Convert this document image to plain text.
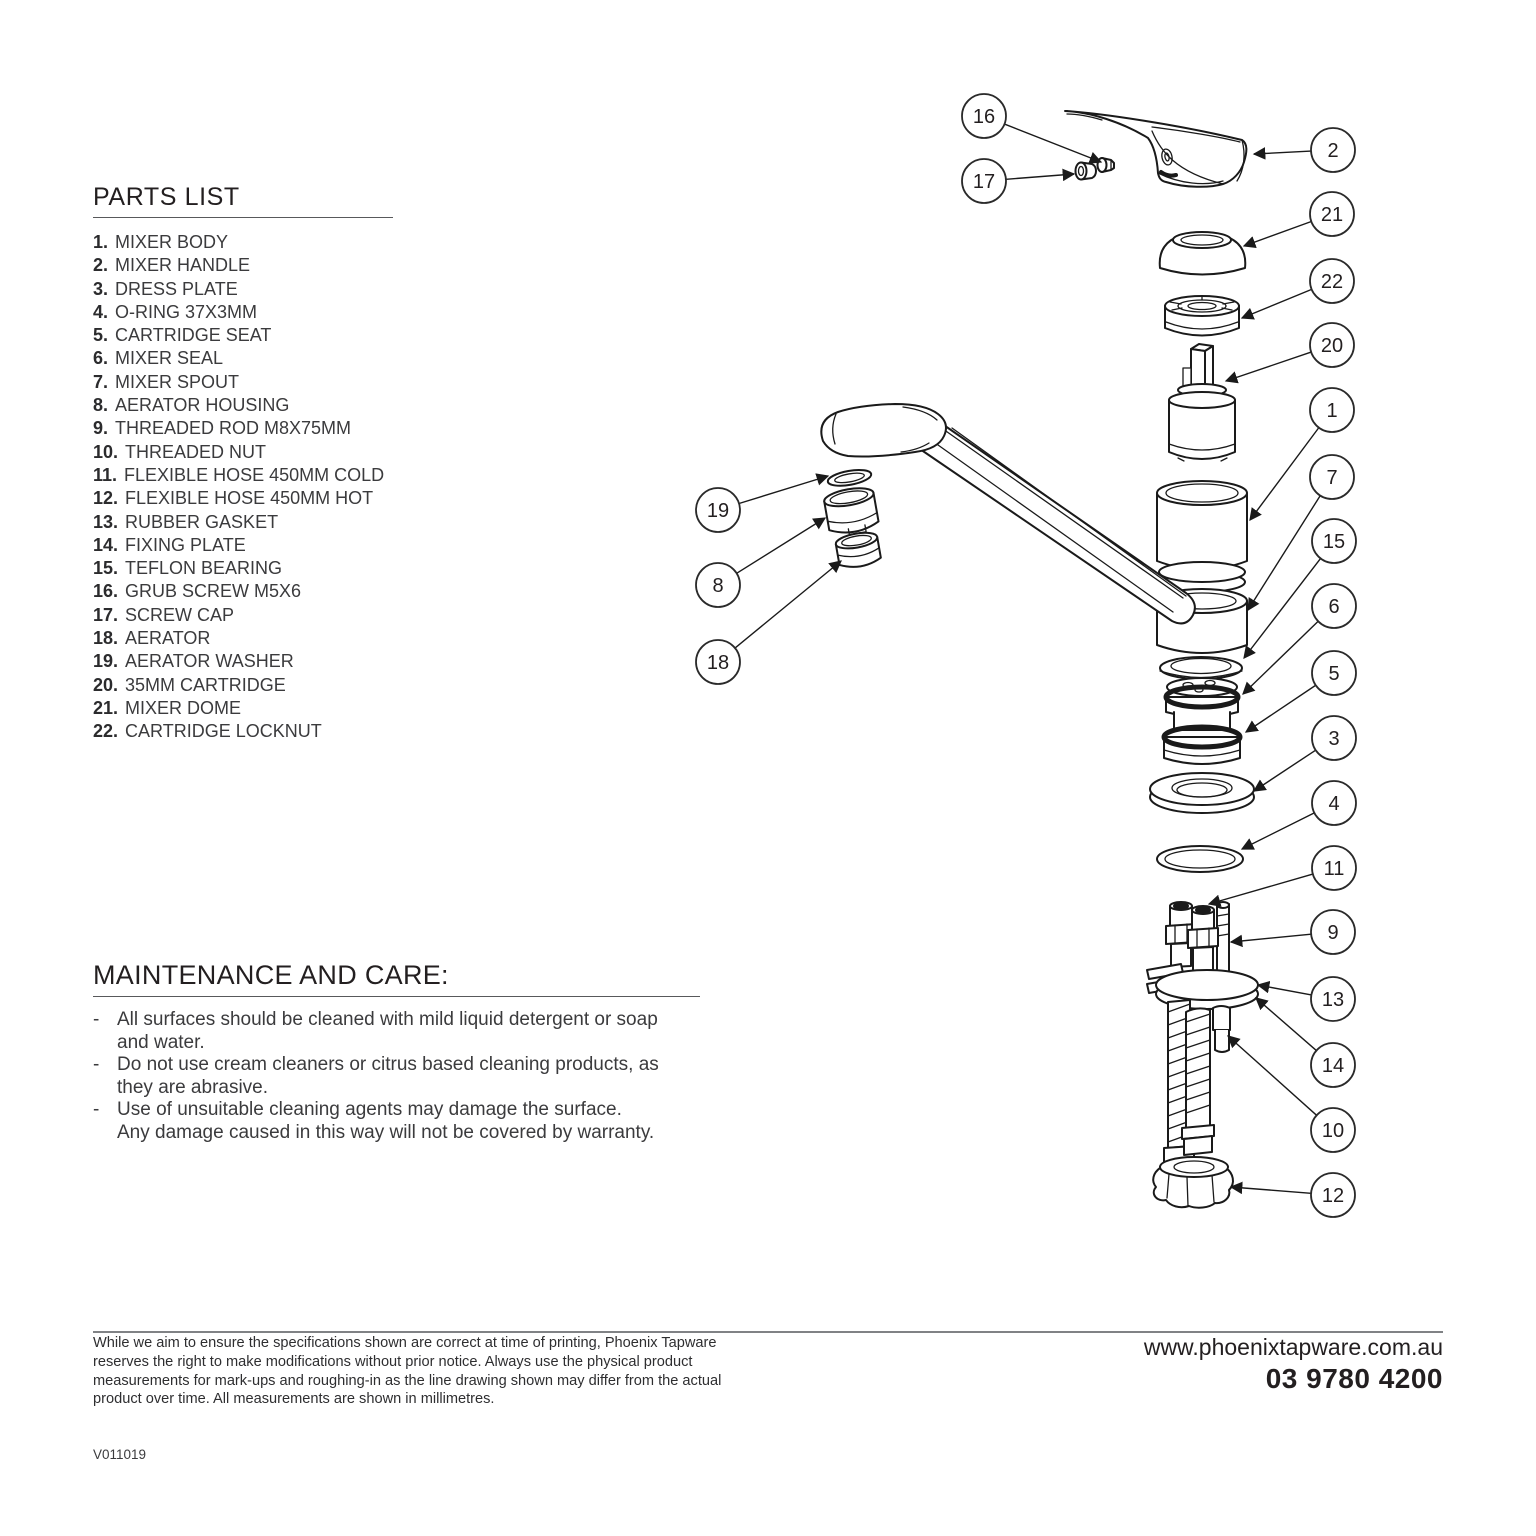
PARTS LIST
1. MIXER BODY
2. MIXER HANDLE
3. DRESS PLATE
4. O-RING 37X3MM
5. CARTRIDGE SEAT
6. MIXER SEAL
7. MIXER SPOUT
8. AERATOR HOUSING
9. THREADED ROD M8X75MM
10. THREADED NUT
11. FLEXIBLE HOSE 450MM COLD
12. FLEXIBLE HOSE 450MM HOT
13. RUBBER GASKET
14. FIXING PLATE
15. TEFLON BEARING
16. GRUB SCREW M5X6
17. SCREW CAP
18. AERATOR
19. AERATOR WASHER
20. 35MM CARTRIDGE
21. MIXER DOME
22. CARTRIDGE LOCKNUT
MAINTENANCE AND CARE:
- All surfaces should be cleaned with mild liquid detergent or soap
and water.
- Do not use cream cleaners or citrus based cleaning products, as
they are abrasive.
- Use of unsuitable cleaning agents may damage the surface.
Any damage caused in this way will not be covered by warranty.
16
17
2
21
22
20
1
7
15
6
5
3
4
11
9
13
14
10
12
19
8
18
While we aim to ensure the specifications shown are correct at time of printing, Phoenix Tapware
reserves the right to make modifications without prior notice. Always use the physical product
measurements for mark-ups and roughing-in as the line drawing shown may differ from the actual
product over time. All measurements are shown in millimetres.
www.phoenixtapware.com.au
03 9780 4200
V011019
